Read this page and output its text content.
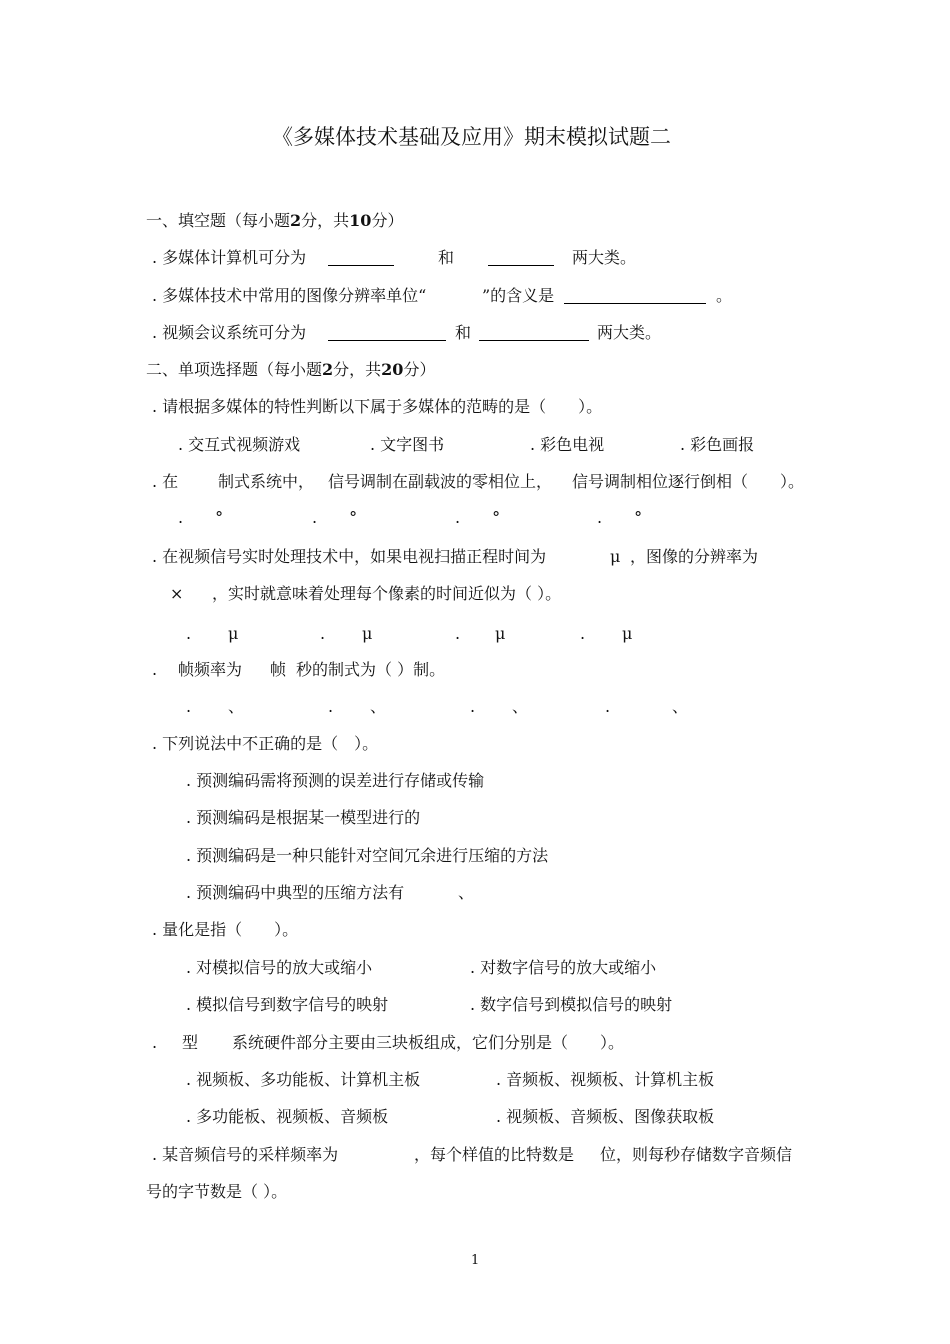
《多媒体技术基础及应用》期末模拟试题二
一、填空题（每小题2分，共10分）
. 多媒体计算机可分为	和	两大类。
. 多媒体技术中常用的图像分辨率单位“	”的含义是	。
. 视频会议系统可分为	和	两大类。
二、单项选择题（每小题2分，共20分）
. 请根据多媒体的特性判断以下属于多媒体的范畴的是（　　）。
. 交互式视频游戏	. 文字图书	. 彩色电视	. 彩色画报
. 在 制式系统中， 信号调制在副载波的零相位上， 信号调制相位逐行倒相（　　）。
.　　°	.　　°	.　　°	.　　°
. 在视频信号实时处理技术中，如果电视扫描正程时间为	μ ，图像的分辨率为
× ，实时就意味着处理每个像素的时间近似为（ ）。
. μ	. μ	. μ	. μ
. 帧频率为 帧 秒的制式为（ ）制。
. 、	. 、	. 、	.	、
. 下列说法中不正确的是（　）。
. 预测编码需将预测的误差进行存储或传输
. 预测编码是根据某一模型进行的
. 预测编码是一种只能针对空间冗余进行压缩的方法
. 预测编码中典型的压缩方法有	、
. 量化是指（　　）。
. 对模拟信号的放大或缩小	. 对数字信号的放大或缩小
. 模拟信号到数字信号的映射	. 数字信号到模拟信号的映射
. 型 系统硬件部分主要由三块板组成，它们分别是（　　）。
. 视频板、多功能板、计算机主板	. 音频板、视频板、计算机主板
. 多功能板、视频板、音频板	. 视频板、音频板、图像获取板
. 某音频信号的采样频率为	，每个样值的比特数是 位，则每秒存储数字音频信
号的字节数是（ ）。
1
